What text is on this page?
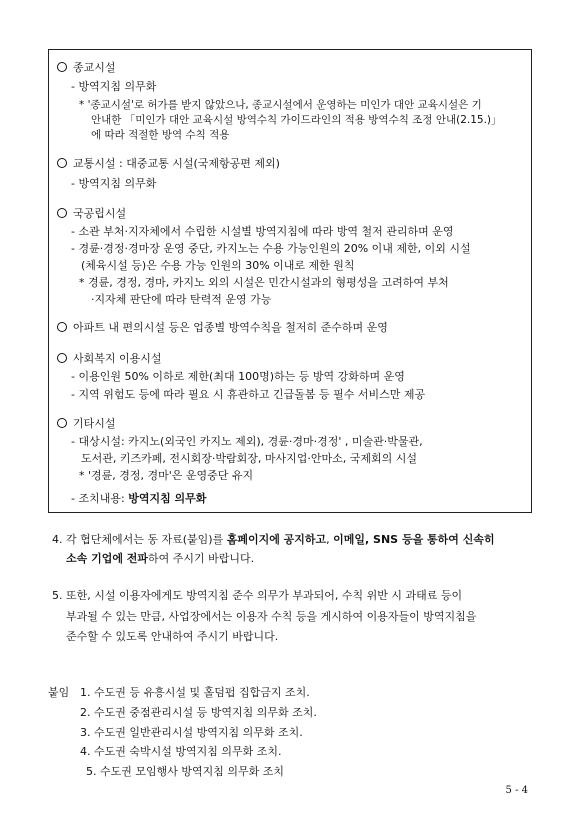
종교시설
- 방역지침 의무화
* '종교시설'로 허가를 받지 않았으나, 종교시설에서 운영하는 미인가 대안 교육시설은 기
안내한 「미인가 대안 교육시설 방역수칙 가이드라인의 적용 방역수칙 조정 안내(2.15.)」
에 따라 적절한 방역 수칙 적용
교통시설 : 대중교통 시설(국제항공편 제외)
- 방역지침 의무화
국공립시설
- 소관 부처·지자체에서 수립한 시설별 방역지침에 따라 방역 철저 관리하며 운영
- 경륜·경정·경마장 운영 중단, 카지노는 수용 가능인원의 20% 이내 제한, 이외 시설
(체육시설 등)은 수용 가능 인원의 30% 이내로 제한 원칙
* 경륜, 경정, 경마, 카지노 외의 시설은 민간시설과의 형평성을 고려하여 부처
·지자체 판단에 따라 탄력적 운영 가능
아파트 내 편의시설 등은 업종별 방역수칙을 철저히 준수하며 운영
사회복지 이용시설
- 이용인원 50% 이하로 제한(최대 100명)하는 등 방역 강화하며 운영
- 지역 위험도 등에 따라 필요 시 휴관하고 긴급돌봄 등 필수 서비스만 제공
기타시설
- 대상시설: 카지노(외국인 카지노 제외), 경륜·경마·경정' , 미술관·박물관,
도서관, 키즈카페, 전시회장·박람회장, 마사지업·안마소, 국제회의 시설
* '경륜, 경정, 경마'은 운영중단 유지
- 조치내용: 방역지침 의무화
4. 각 협단체에서는 동 자료(붙임)를 홈페이지에 공지하고, 이메일, SNS 등을 통하여 신속히
소속 기업에 전파하여 주시기 바랍니다.
5. 또한, 시설 이용자에게도 방역지침 준수 의무가 부과되어, 수칙 위반 시 과태료 등이
부과될 수 있는 만큼, 사업장에서는 이용자 수칙 등을 게시하여 이용자들이 방역지침을
준수할 수 있도록 안내하여 주시기 바랍니다.
붙임 1. 수도권 등 유흥시설 및 홀덤펍 집합금지 조치.
2. 수도권 중점관리시설 등 방역지침 의무화 조치.
3. 수도권 일반관리시설 방역지침 의무화 조치.
4. 수도권 숙박시설 방역지침 의무화 조치.
5. 수도권 모임행사 방역지침 의무화 조치
5 - 4
